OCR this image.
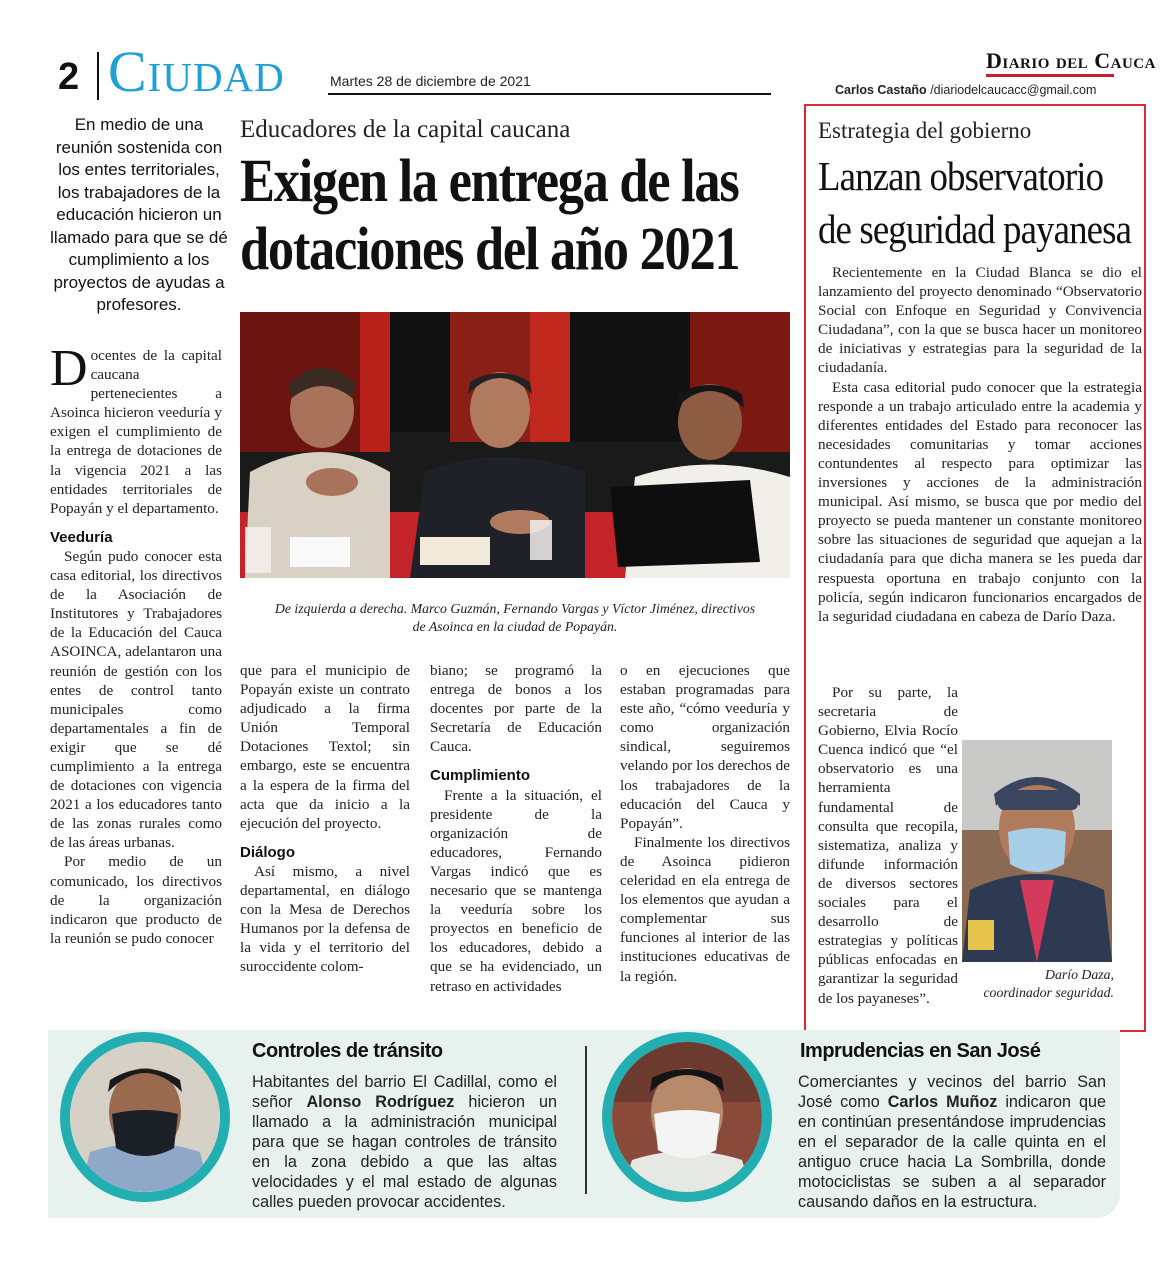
2 Ciudad	Martes 28 de diciembre de 2021
Diario del Cauca
Carlos Castaño /diariodelcaucacc@gmail.com
En medio de una reunión sostenida con los entes territoriales, los trabajadores de la educación hicieron un llamado para que se dé cumplimiento a los proyectos de ayudas a profesores.

Docentes de la capital caucana pertenecientes a Asoinca hicieron veeduría y exigen el cumplimiento de la entrega de dotaciones de la vigencia 2021 a las entidades territoriales de Popayán y el departamento.

Veeduría

Según pudo conocer esta casa editorial, los directivos de la Asociación de Institutores y Trabajadores de la Educación del Cauca ASOINCA, adelantaron una reunión de gestión con los entes de control tanto municipales como departamentales a fin de exigir que se dé cumplimiento a la entrega de dotaciones con vigencia 2021 a los educadores tanto de las zonas rurales como de las áreas urbanas.

Por medio de un comunicado, los directivos de la organización indicaron que producto de la reunión se pudo conocer

Educadores de la capital caucana
Exigen la entrega de las
dotaciones del año 2021
De izquierda a derecha. Marco Guzmán, Fernando Vargas y Víctor Jiménez, directivos
de Asoinca en la ciudad de Popayán.

que para el municipio de Popayán existe un contrato adjudicado a la firma Unión Temporal Dotaciones Textol; sin embargo, este se encuentra a la espera de la firma del acta que da inicio a la ejecución del proyecto.

Diálogo

Así mismo, a nivel departamental, en diálogo con la Mesa de Derechos Humanos por la defensa de la vida y el territorio del suroccidente colom-

biano; se programó la entrega de bonos a los docentes por parte de la Secretaría de Educación Cauca.

Cumplimiento

Frente a la situación, el presidente de la organización de educadores, Fernando Vargas indicó que es necesario que se mantenga la veeduría sobre los proyectos en beneficio de los educadores, debido a que se ha evidenciado, un retraso en actividades

o en ejecuciones que estaban programadas para este año, “cómo veeduría y como organización sindical, seguiremos velando por los derechos de los trabajadores de la educación del Cauca y Popayán”.

Finalmente los directivos de Asoinca pidieron celeridad en ela entrega de los elementos que ayudan a complementar sus funciones al interior de las instituciones educativas de la región.

Estrategia del gobierno
Lanzan observatorio
de seguridad payanesa

Recientemente en la Ciudad Blanca se dio el lanzamiento del proyecto denominado “Observatorio Social con Enfoque en Seguridad y Convivencia Ciudadana”, con la que se busca hacer un monitoreo de iniciativas y estrategias para la seguridad de la ciudadanía.

Esta casa editorial pudo conocer que la estrategia responde a un trabajo articulado entre la academia y diferentes entidades del Estado para reconocer las necesidades comunitarias y tomar acciones contundentes al respecto para optimizar las inversiones y acciones de la administración municipal. Así mismo, se busca que por medio del proyecto se pueda mantener un constante monitoreo sobre las situaciones de seguridad que aquejan a la ciudadanía para que dicha manera se les pueda dar respuesta oportuna en trabajo conjunto con la policía, según indicaron funcionarios encargados de la seguridad ciudadana en cabeza de Darío Daza.

Por su parte, la secretaria de Gobierno, Elvia Rocío Cuenca indicó que “el observatorio es una herramienta fundamental de consulta que recopila, sistematiza, analiza y difunde información de diversos sectores sociales para el desarrollo de estrategias y políticas públicas enfocadas en garantizar la seguridad de los payaneses”.

Darío Daza,
coordinador seguridad.
Controles de tránsito
Habitantes del barrio El Cadillal, como el señor Alonso Rodríguez hicieron un llamado a la administración municipal para que se hagan controles de tránsito en la zona debido a que las altas velocidades y el mal estado de algunas calles pueden provocar accidentes.
Imprudencias en San José
Comerciantes y vecinos del barrio San José como Carlos Muñoz indicaron que en continúan presentándose imprudencias en el separador de la calle quinta en el antiguo cruce hacia La Sombrilla, donde motociclistas se suben a al separador causando daños en la estructura.
